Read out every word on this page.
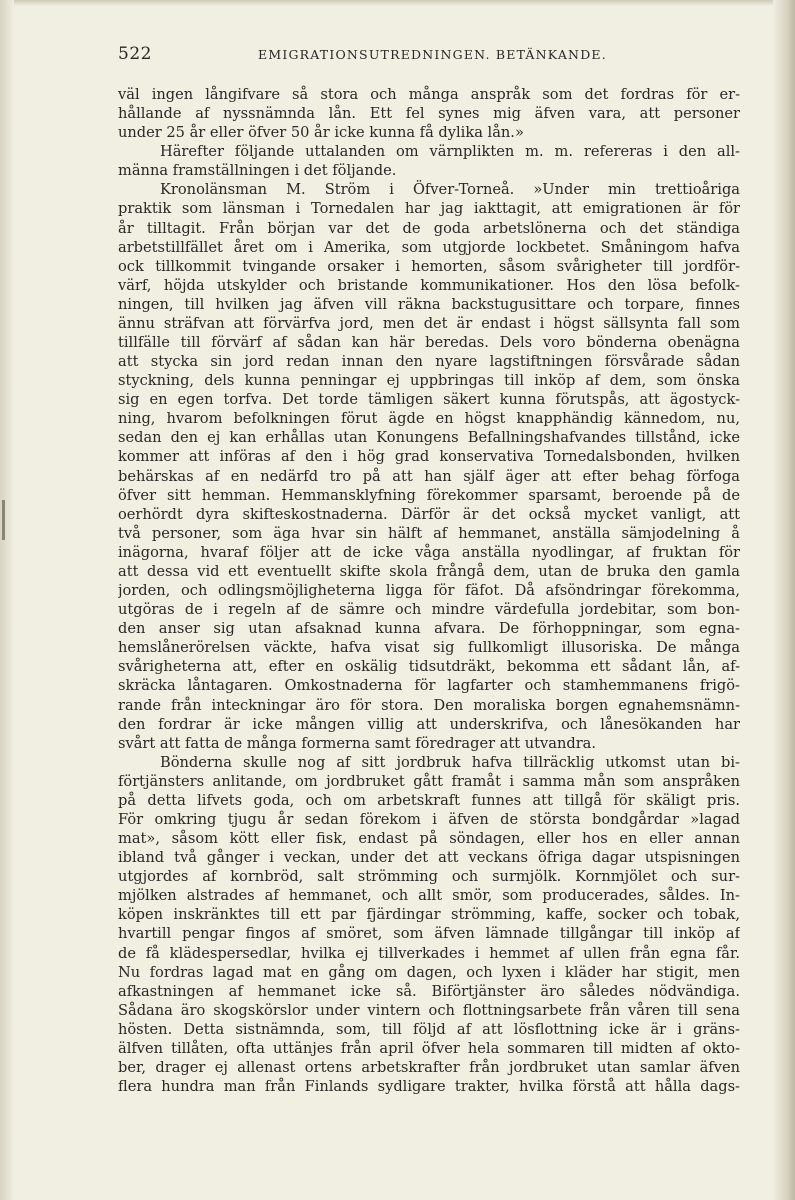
522	EMIGRATIONSUTREDNINGEN. BETÄNKANDE.
väl ingen långifvare så stora och många anspråk som det fordras för er-
hållande af nyssnämnda lån. Ett fel synes mig äfven vara, att personer
under 25 år eller öfver 50 år icke kunna få dylika lån.»
Härefter följande uttalanden om värnplikten m. m. refereras i den all-
männa framställningen i det följande.
Kronolänsman M. Ström i Öfver-Torneå. »Under min trettioåriga
praktik som länsman i Tornedalen har jag iakttagit, att emigrationen är för
år tilltagit. Från början var det de goda arbetslönerna och det ständiga
arbetstillfället året om i Amerika, som utgjorde lockbetet. Småningom hafva
ock tillkommit tvingande orsaker i hemorten, såsom svårigheter till jordför-
värf, höjda utskylder och bristande kommunikationer. Hos den lösa befolk-
ningen, till hvilken jag äfven vill räkna backstugusittare och torpare, finnes
ännu sträfvan att förvärfva jord, men det är endast i högst sällsynta fall som
tillfälle till förvärf af sådan kan här beredas. Dels voro bönderna obenägna
att stycka sin jord redan innan den nyare lagstiftningen försvårade sådan
styckning, dels kunna penningar ej uppbringas till inköp af dem, som önska
sig en egen torfva. Det torde tämligen säkert kunna förutspås, att ägostyck-
ning, hvarom befolkningen förut ägde en högst knapphändig kännedom, nu,
sedan den ej kan erhållas utan Konungens Befallningshafvandes tillstånd, icke
kommer att införas af den i hög grad konservativa Tornedalsbonden, hvilken
behärskas af en nedärfd tro på att han själf äger att efter behag förfoga
öfver sitt hemman. Hemmansklyfning förekommer sparsamt, beroende på de
oerhördt dyra skifteskostnaderna. Därför är det också mycket vanligt, att
två personer, som äga hvar sin hälft af hemmanet, anställa sämjodelning å
inägorna, hvaraf följer att de icke våga anställa nyodlingar, af fruktan för
att dessa vid ett eventuellt skifte skola frångå dem, utan de bruka den gamla
jorden, och odlingsmöjligheterna ligga för fäfot. Då afsöndringar förekomma,
utgöras de i regeln af de sämre och mindre värdefulla jordebitar, som bon-
den anser sig utan afsaknad kunna afvara. De förhoppningar, som egna-
hemslånerörelsen väckte, hafva visat sig fullkomligt illusoriska. De många
svårigheterna att, efter en oskälig tidsutdräkt, bekomma ett sådant lån, af-
skräcka låntagaren. Omkostnaderna för lagfarter och stamhemmanens frigö-
rande från inteckningar äro för stora. Den moraliska borgen egnahemsnämn-
den fordrar är icke mången villig att underskrifva, och lånesökanden har
svårt att fatta de många formerna samt föredrager att utvandra.
Bönderna skulle nog af sitt jordbruk hafva tillräcklig utkomst utan bi-
förtjänsters anlitande, om jordbruket gått framåt i samma mån som anspråken
på detta lifvets goda, och om arbetskraft funnes att tillgå för skäligt pris.
För omkring tjugu år sedan förekom i äfven de största bondgårdar »lagad
mat», såsom kött eller fisk, endast på söndagen, eller hos en eller annan
ibland två gånger i veckan, under det att veckans öfriga dagar utspisningen
utgjordes af kornbröd, salt strömming och surmjölk. Kornmjölet och sur-
mjölken alstrades af hemmanet, och allt smör, som producerades, såldes. In-
köpen inskränktes till ett par fjärdingar strömming, kaffe, socker och tobak,
hvartill pengar fingos af smöret, som äfven lämnade tillgångar till inköp af
de få klädespersedlar, hvilka ej tillverkades i hemmet af ullen från egna får.
Nu fordras lagad mat en gång om dagen, och lyxen i kläder har stigit, men
afkastningen af hemmanet icke så. Biförtjänster äro således nödvändiga.
Sådana äro skogskörslor under vintern och flottningsarbete från våren till sena
hösten. Detta sistnämnda, som, till följd af att lösflottning icke är i gräns-
älfven tillåten, ofta uttänjes från april öfver hela sommaren till midten af okto-
ber, drager ej allenast ortens arbetskrafter från jordbruket utan samlar äfven
flera hundra man från Finlands sydligare trakter, hvilka förstå att hålla dags-
